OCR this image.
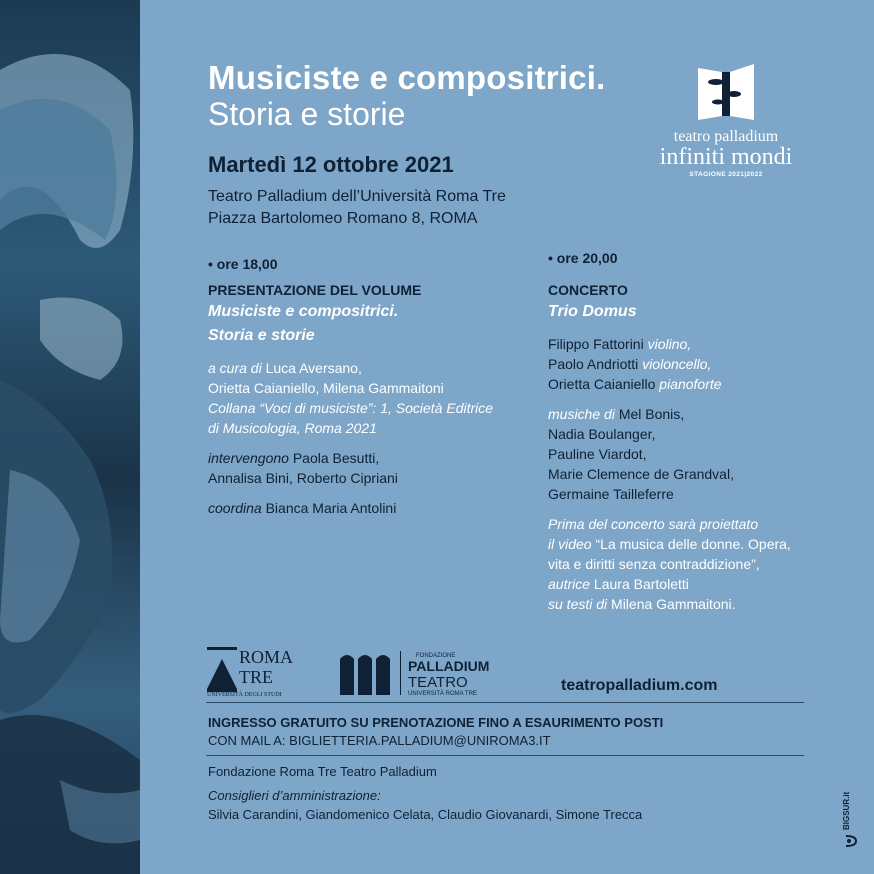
Musiciste e compositrici.
Storia e storie
teatro palladium
infiniti mondi
STAGIONE 2021|2022
Martedì 12 ottobre 2021
Teatro Palladium dell’Università Roma Tre
Piazza Bartolomeo Romano 8, ROMA
• ore 18,00
PRESENTAZIONE DEL VOLUME
Musiciste e compositrici.
Storia e storie
a cura di Luca Aversano,
Orietta Caianiello, Milena Gammaitoni
Collana “Voci di musiciste”: 1, Società Editrice
di Musicologia, Roma 2021
intervengono Paola Besutti,
Annalisa Bini, Roberto Cipriani
coordina Bianca Maria Antolini
• ore 20,00
CONCERTO
Trio Domus
Filippo Fattorini violino,
Paolo Andriotti violoncello,
Orietta Caianiello pianoforte
musiche di Mel Bonis,
Nadia Boulanger,
Pauline Viardot,
Marie Clemence de Grandval,
Germaine Tailleferre
Prima del concerto sarà proiettato
il video “La musica delle donne. Opera,
vita e diritti senza contraddizione”,
autrice Laura Bartoletti
su testi di Milena Gammaitoni.
ROMA
TRE
UNIVERSITÀ DEGLI STUDI
FONDAZIONE
PALLADIUM
TEATRO
UNIVERSITÀ ROMA TRE	teatropalladium.com
INGRESSO GRATUITO SU PRENOTAZIONE FINO A ESAURIMENTO POSTI
CON MAIL A: BIGLIETTERIA.PALLADIUM@UNIROMA3.IT
Fondazione Roma Tre Teatro Palladium
Consiglieri d’amministrazione:
Silvia Carandini, Giandomenico Celata, Claudio Giovanardi, Simone Trecca	BIGSUR.it
